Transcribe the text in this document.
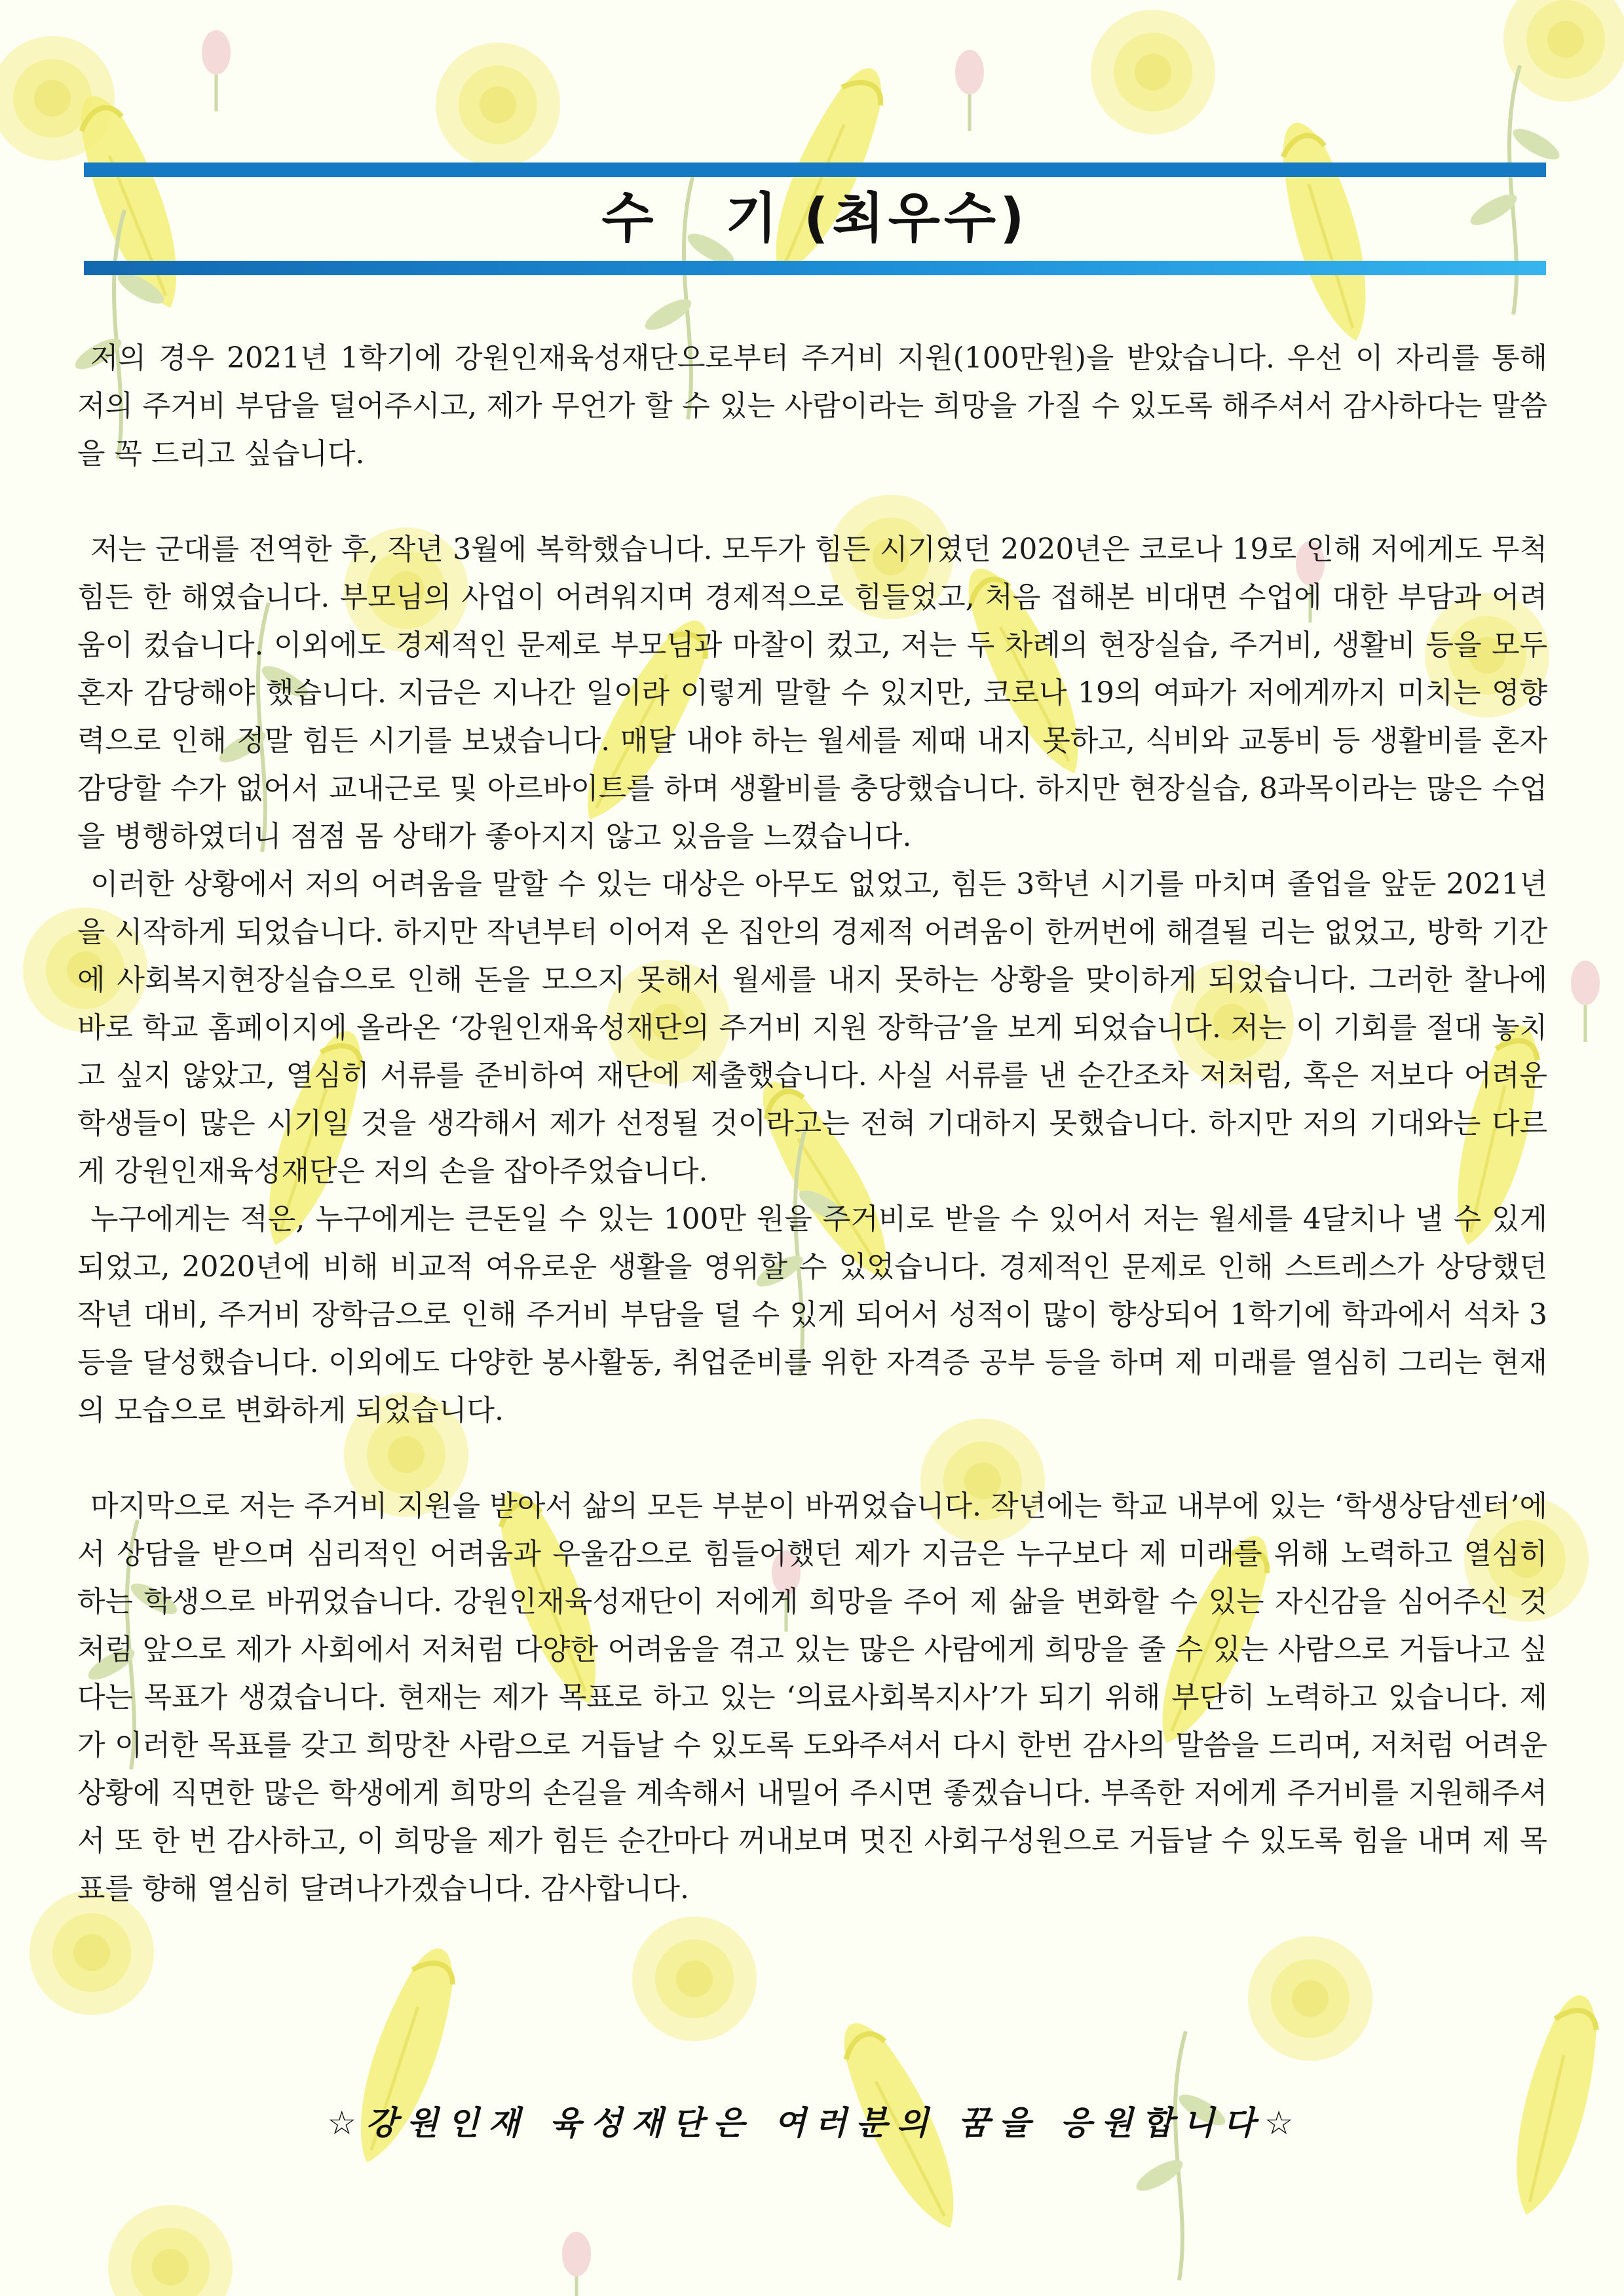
수   기 (최우수)

저의 경우 2021년 1학기에 강원인재육성재단으로부터 주거비 지원(100만원)을 받았습니다. 우선 이 자리를 통해 저의 주거비 부담을 덜어주시고, 제가 무언가 할 수 있는 사람이라는 희망을 가질 수 있도록 해주셔서 감사하다는 말씀을 꼭 드리고 싶습니다.

저는 군대를 전역한 후, 작년 3월에 복학했습니다. 모두가 힘든 시기였던 2020년은 코로나 19로 인해 저에게도 무척 힘든 한 해였습니다. 부모님의 사업이 어려워지며 경제적으로 힘들었고, 처음 접해본 비대면 수업에 대한 부담과 어려움이 컸습니다. 이외에도 경제적인 문제로 부모님과 마찰이 컸고, 저는 두 차례의 현장실습, 주거비, 생활비 등을 모두 혼자 감당해야 했습니다. 지금은 지나간 일이라 이렇게 말할 수 있지만, 코로나 19의 여파가 저에게까지 미치는 영향력으로 인해 정말 힘든 시기를 보냈습니다. 매달 내야 하는 월세를 제때 내지 못하고, 식비와 교통비 등 생활비를 혼자 감당할 수가 없어서 교내근로 및 아르바이트를 하며 생활비를 충당했습니다. 하지만 현장실습, 8과목이라는 많은 수업을 병행하였더니 점점 몸 상태가 좋아지지 않고 있음을 느꼈습니다.

이러한 상황에서 저의 어려움을 말할 수 있는 대상은 아무도 없었고, 힘든 3학년 시기를 마치며 졸업을 앞둔 2021년을 시작하게 되었습니다. 하지만 작년부터 이어져 온 집안의 경제적 어려움이 한꺼번에 해결될 리는 없었고, 방학 기간에 사회복지현장실습으로 인해 돈을 모으지 못해서 월세를 내지 못하는 상황을 맞이하게 되었습니다. 그러한 찰나에 바로 학교 홈페이지에 올라온 ‘강원인재육성재단의 주거비 지원 장학금’을 보게 되었습니다. 저는 이 기회를 절대 놓치고 싶지 않았고, 열심히 서류를 준비하여 재단에 제출했습니다. 사실 서류를 낸 순간조차 저처럼, 혹은 저보다 어려운 학생들이 많은 시기일 것을 생각해서 제가 선정될 것이라고는 전혀 기대하지 못했습니다. 하지만 저의 기대와는 다르게 강원인재육성재단은 저의 손을 잡아주었습니다.

누구에게는 적은, 누구에게는 큰돈일 수 있는 100만 원을 주거비로 받을 수 있어서 저는 월세를 4달치나 낼 수 있게 되었고, 2020년에 비해 비교적 여유로운 생활을 영위할 수 있었습니다. 경제적인 문제로 인해 스트레스가 상당했던 작년 대비, 주거비 장학금으로 인해 주거비 부담을 덜 수 있게 되어서 성적이 많이 향상되어 1학기에 학과에서 석차 3등을 달성했습니다. 이외에도 다양한 봉사활동, 취업준비를 위한 자격증 공부 등을 하며 제 미래를 열심히 그리는 현재의 모습으로 변화하게 되었습니다.

마지막으로 저는 주거비 지원을 받아서 삶의 모든 부분이 바뀌었습니다. 작년에는 학교 내부에 있는 ‘학생상담센터’에서 상담을 받으며 심리적인 어려움과 우울감으로 힘들어했던 제가 지금은 누구보다 제 미래를 위해 노력하고 열심히 하는 학생으로 바뀌었습니다. 강원인재육성재단이 저에게 희망을 주어 제 삶을 변화할 수 있는 자신감을 심어주신 것처럼 앞으로 제가 사회에서 저처럼 다양한 어려움을 겪고 있는 많은 사람에게 희망을 줄 수 있는 사람으로 거듭나고 싶다는 목표가 생겼습니다. 현재는 제가 목표로 하고 있는 ‘의료사회복지사’가 되기 위해 부단히 노력하고 있습니다. 제가 이러한 목표를 갖고 희망찬 사람으로 거듭날 수 있도록 도와주셔서 다시 한번 감사의 말씀을 드리며, 저처럼 어려운 상황에 직면한 많은 학생에게 희망의 손길을 계속해서 내밀어 주시면 좋겠습니다. 부족한 저에게 주거비를 지원해주셔서 또 한 번 감사하고, 이 희망을 제가 힘든 순간마다 꺼내보며 멋진 사회구성원으로 거듭날 수 있도록 힘을 내며 제 목표를 향해 열심히 달려나가겠습니다. 감사합니다.

☆강원인재 육성재단은 여러분의 꿈을 응원합니다☆
